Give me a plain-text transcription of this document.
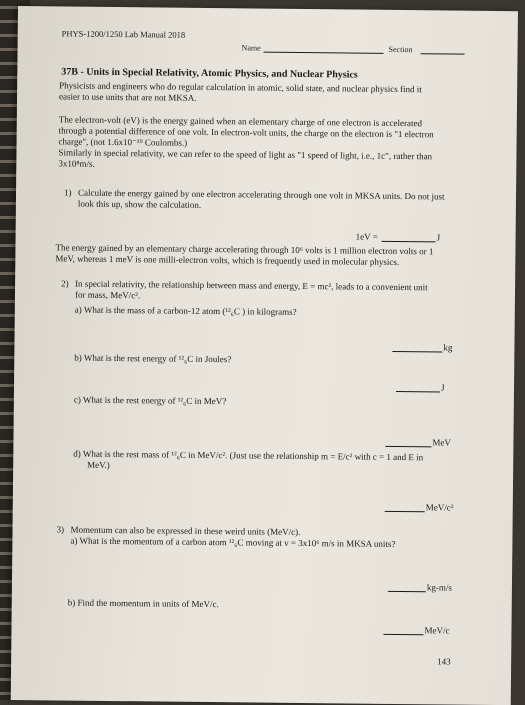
PHYS-1200/1250 Lab Manual 2018
Name	Section
37B - Units in Special Relativity, Atomic Physics, and Nuclear Physics
Physicists and engineers who do regular calculation in atomic, solid state, and nuclear physics find it
easier to use units that are not MKSA.
The electron-volt (eV) is the energy gained when an elementary charge of one electron is accelerated
through a potential difference of one volt. In electron-volt units, the charge on the electron is "1 electron
charge", (not 1.6x10⁻¹⁹ Coulombs.)
Similarly in special relativity, we can refer to the speed of light as "1 speed of light, i.e., 1c", rather than
3x10⁸m/s.
1) Calculate the energy gained by one electron accelerating through one volt in MKSA units. Do not just
look this up, show the calculation.
1eV =	J
The energy gained by an elementary charge accelerating through 10⁶ volts is 1 million electron volts or 1
MeV, whereas 1 meV is one milli-electron volts, which is frequently used in molecular physics.
2) In special relativity, the relationship between mass and energy, E = mc², leads to a convenient unit
for mass, MeV/c².
a) What is the mass of a carbon-12 atom (¹²₆C ) in kilograms?
kg
b) What is the rest energy of ¹²₆C in Joules?
J
c) What is the rest energy of ¹²₆C in MeV?
MeV
d) What is the rest mass of ¹²₆C in MeV/c². (Just use the relationship m = E/c² with c = 1 and E in
MeV.)
MeV/c²
3) Momentum can also be expressed in these weird units (MeV/c).
a) What is the momentum of a carbon atom ¹²₆C moving at v = 3x10⁶ m/s in MKSA units?
kg-m/s
b) Find the momentum in units of MeV/c.
MeV/c
143
